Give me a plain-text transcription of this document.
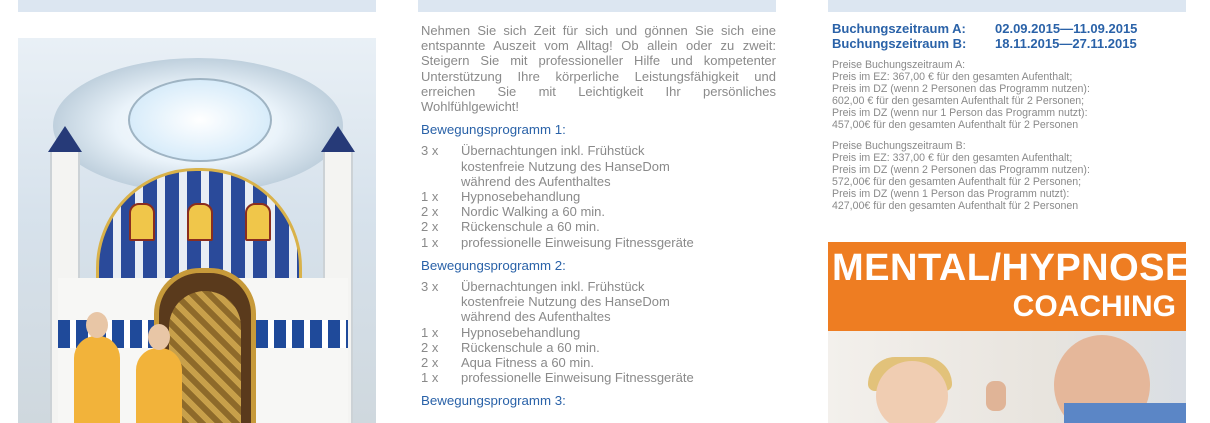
Nehmen Sie sich Zeit für sich und gönnen Sie sich eine entspannte Auszeit vom Alltag! Ob allein oder zu zweit: Steigern Sie mit professioneller Hilfe und kompetenter Unterstützung Ihre körperliche Leistungsfähigkeit und erreichen Sie mit Leichtigkeit Ihr persönliches Wohlfühlgewicht!

Bewegungsprogramm 1:
3 x	Übernachtungen inkl. Frühstück
kostenfreie Nutzung des HanseDom
während des Aufenthaltes
1 x	Hypnosebehandlung
2 x	Nordic Walking a 60 min.
2 x	Rückenschule a 60 min.
1 x	professionelle Einweisung Fitnessgeräte
Bewegungsprogramm 2:
3 x	Übernachtungen inkl. Frühstück
kostenfreie Nutzung des HanseDom
während des Aufenthaltes
1 x	Hypnosebehandlung
2 x	Rückenschule a 60 min.
2 x	Aqua Fitness a 60 min.
1 x	professionelle Einweisung Fitnessgeräte
Bewegungsprogramm 3:
Buchungszeitraum A:	02.09.2015—11.09.2015
Buchungszeitraum B:	18.11.2015—27.11.2015
Preise Buchungszeitraum A:
Preis im EZ: 367,00 € für den gesamten Aufenthalt;
Preis im DZ (wenn 2 Personen das Programm nutzen):
602,00 € für den gesamten Aufenthalt für 2 Personen;
Preis im DZ (wenn nur 1 Person das Programm nutzt):
457,00€ für den gesamten Aufenthalt für 2 Personen
Preise Buchungszeitraum B:
Preis im EZ: 337,00 € für den gesamten Aufenthalt;
Preis im DZ (wenn 2 Personen das Programm nutzen):
572,00€ für den gesamten Aufenthalt für 2 Personen;
Preis im DZ (wenn 1 Person das Programm nutzt):
427,00€ für den gesamten Aufenthalt für 2 Personen
MENTAL/HYPNOSE
COACHING
